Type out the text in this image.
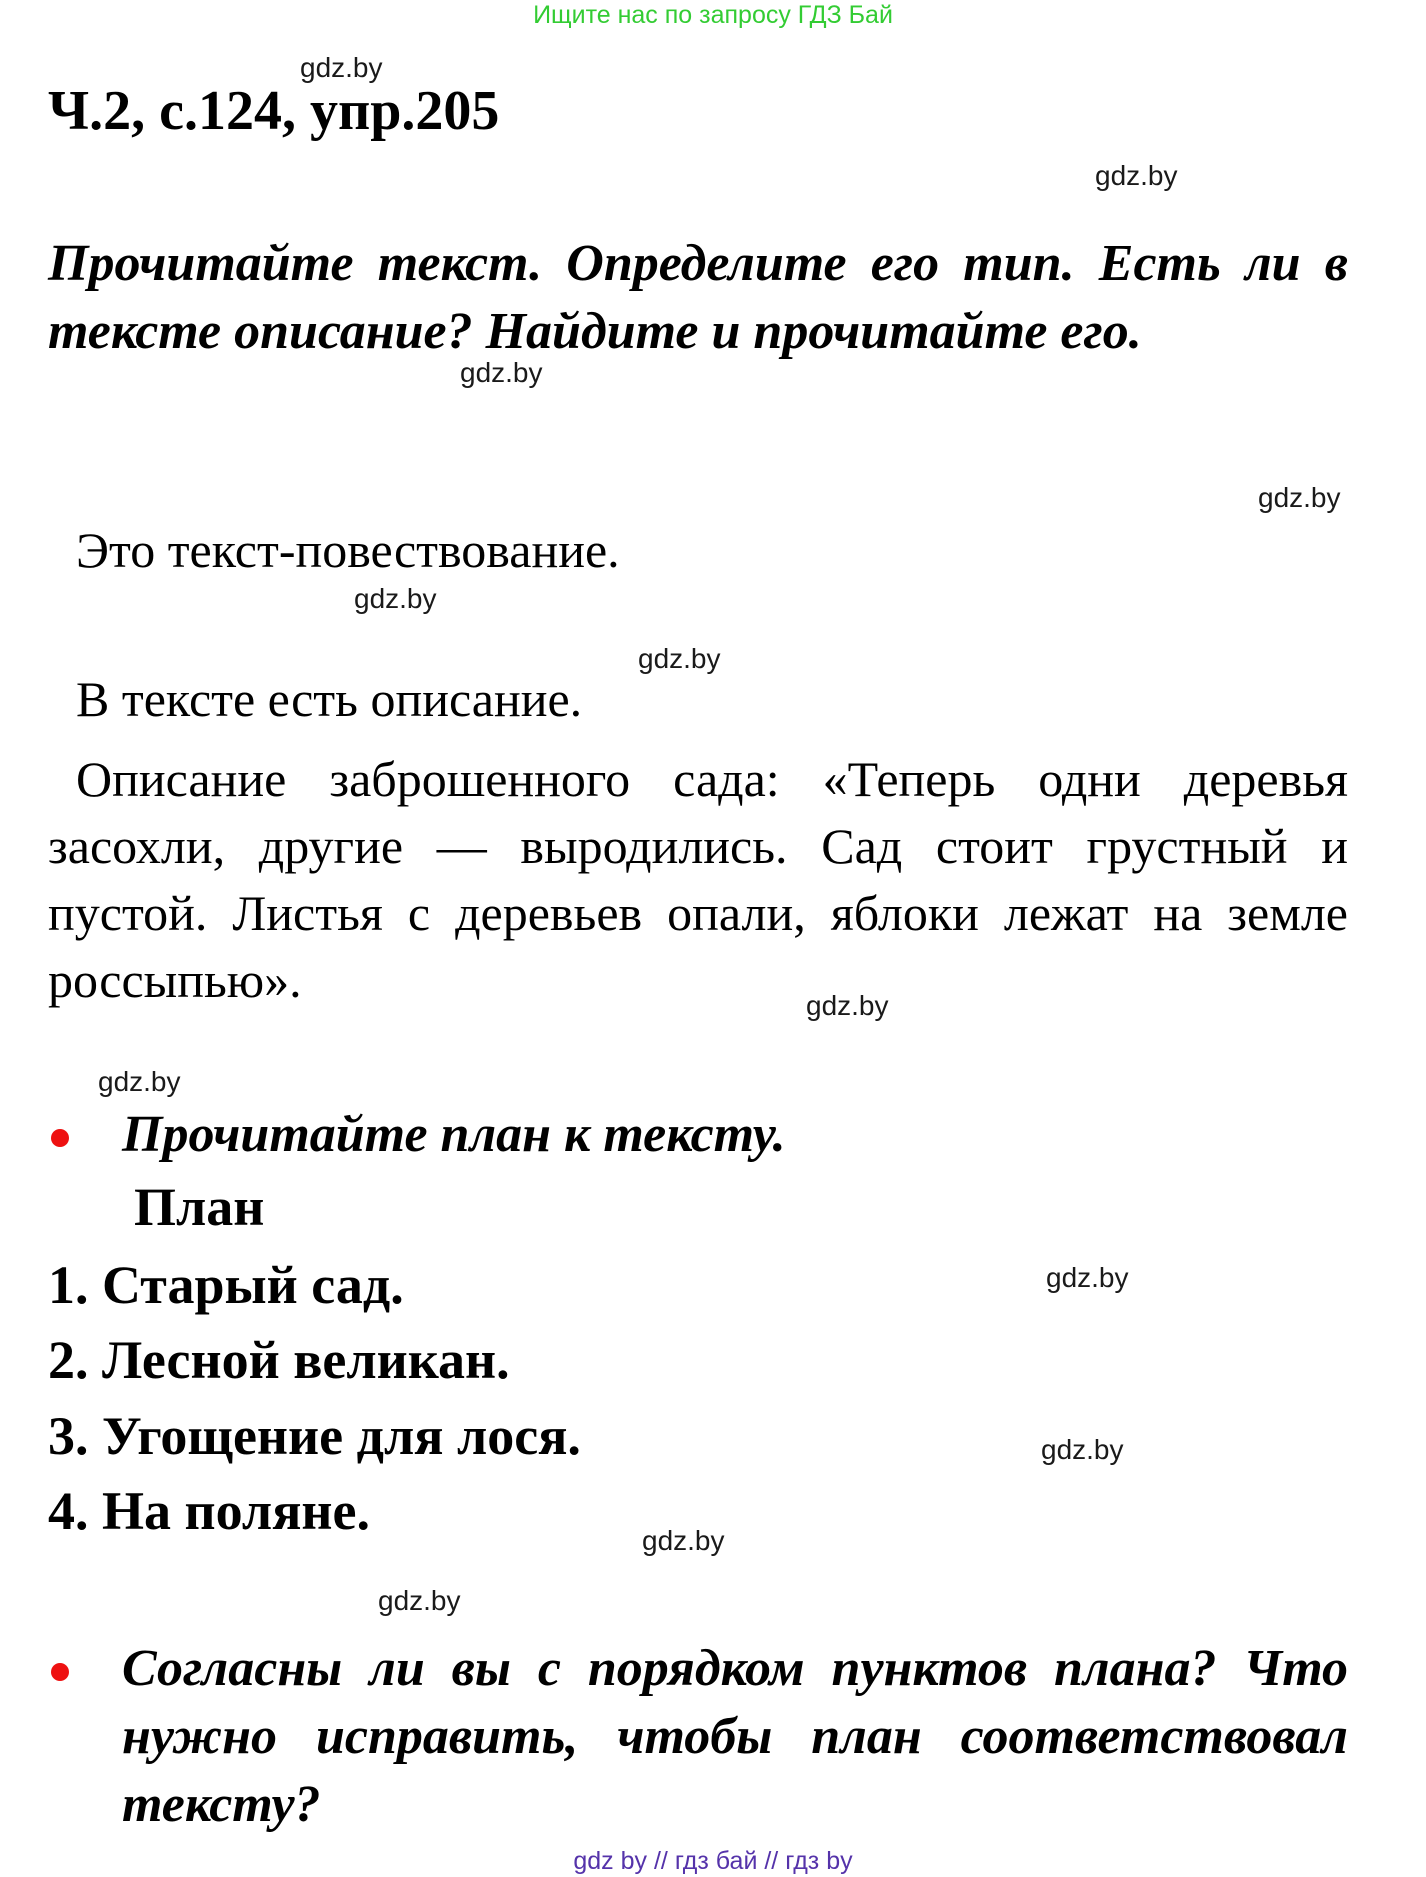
Ищите нас по запросу ГДЗ Бай
gdz.by
gdz.by
gdz.by
gdz.by
gdz.by
gdz.by
gdz.by
gdz.by
gdz.by
gdz.by
gdz.by
gdz.by
Ч.2, с.124, упр.205
Прочитайте текст. Определите его тип. Есть ли в тексте описание? Найдите и прочитайте его.
Это текст-повествование.
В тексте есть описание.
Описание заброшенного сада: «Теперь одни деревья засохли, другие — выродились. Сад стоит грустный и пустой. Листья с деревьев опали, яблоки лежат на земле россыпью».
Прочитайте план к тексту.
План
1. Старый сад.
2. Лесной великан.
3. Угощение для лося.
4. На поляне.
Согласны ли вы с порядком пунктов плана? Что нужно исправить, чтобы план соответствовал тексту?
gdz by // гдз бай // гдз by
